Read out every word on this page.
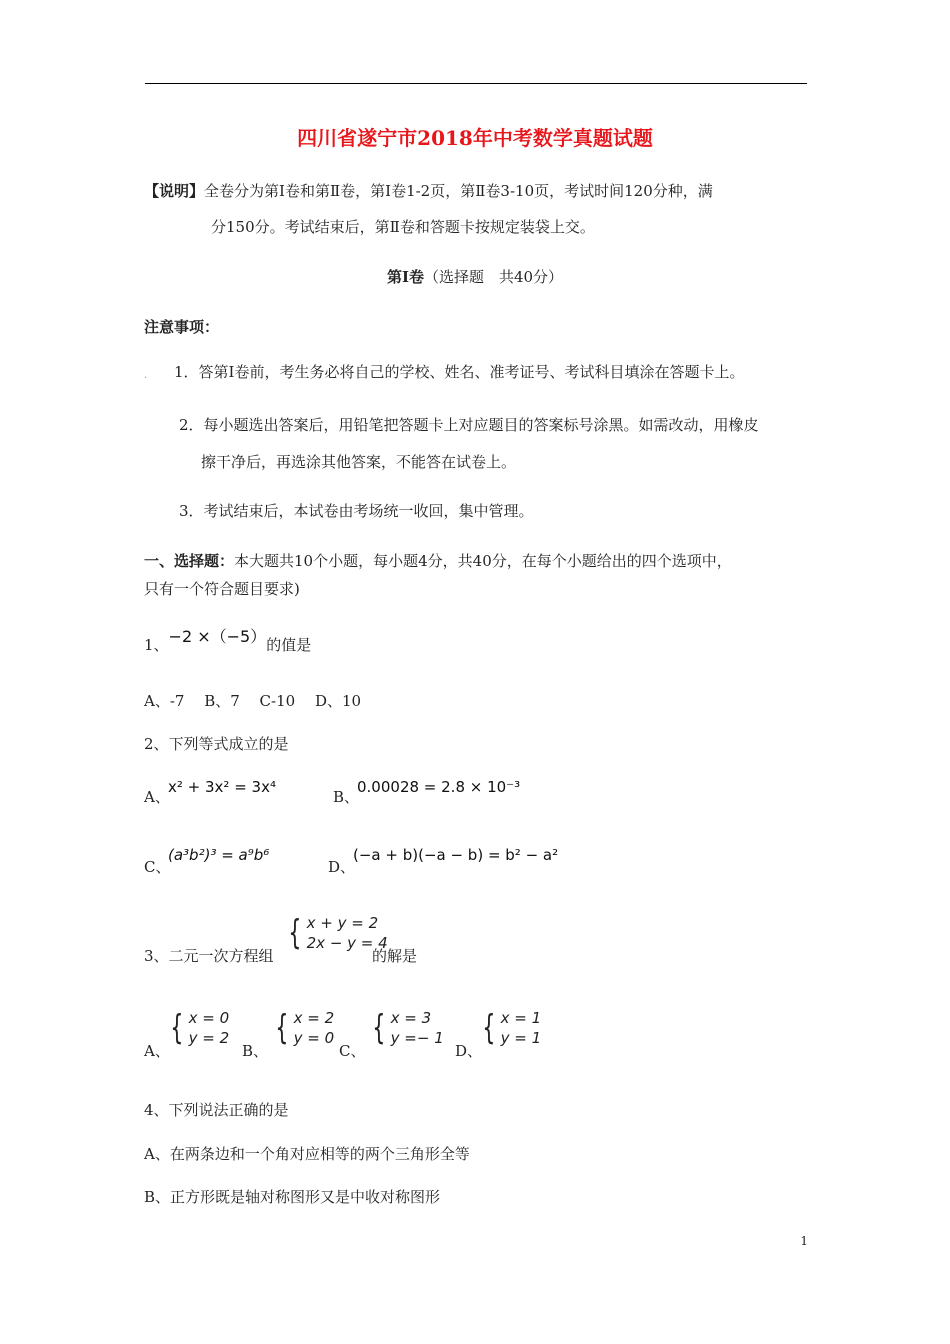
四川省遂宁市2018年中考数学真题试题
【说明】全卷分为第Ⅰ卷和第Ⅱ卷，第Ⅰ卷1-2页，第Ⅱ卷3-10页，考试时间120分种，满
分150分。考试结束后，第Ⅱ卷和答题卡按规定装袋上交。
第Ⅰ卷（选择题　共40分）
注意事项：
. 1．答第Ⅰ卷前，考生务必将自己的学校、姓名、准考证号、考试科目填涂在答题卡上。
2．每小题选出答案后，用铅笔把答题卡上对应题目的答案标号涂黑。如需改动，用橡皮
擦干净后，再选涂其他答案，不能答在试卷上。
3．考试结束后，本试卷由考场统一收回，集中管理。
一、选择题：本大题共10个小题，每小题4分，共40分，在每个小题给出的四个选项中，
只有一个符合题目要求)
1、−2 ×（−5）的值是
A、-7　 B、7　 C-10　 D、10
2、下列等式成立的是
A、
x² + 3x² = 3x⁴
B、
0.00028 = 2.8 × 10⁻³
C、
(a³b²)³ = a⁹b⁶
D、
(−a + b)(−a − b) = b² − a²
3、二元一次方程组
{ x + y = 2
2x − y = 4
的解是
A、
{ x = 0
y = 2
B、
{ x = 2
y = 0
C、
{ x = 3
y =− 1
D、
{ x = 1
y = 1
4、下列说法正确的是
A、在两条边和一个角对应相等的两个三角形全等
B、正方形既是轴对称图形又是中收对称图形
1
